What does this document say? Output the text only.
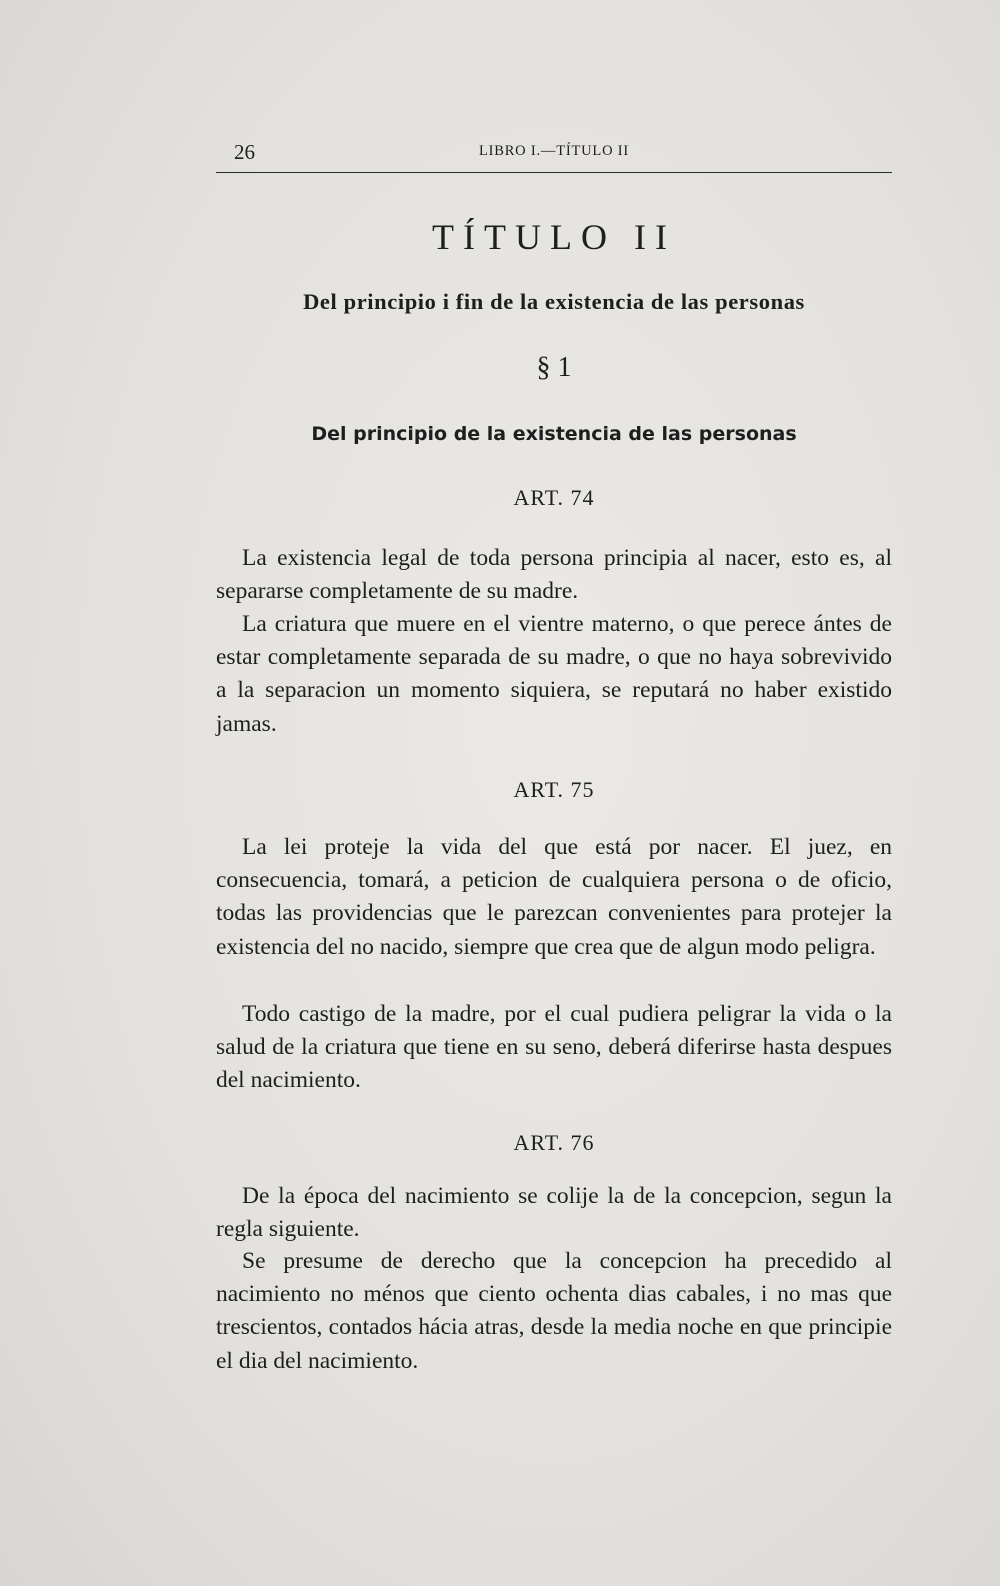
26	LIBRO I.—TÍTULO II
TÍTULO II
Del principio i fin de la existencia de las personas
§ 1
Del principio de la existencia de las personas
ART. 74

La existencia legal de toda persona principia al nacer, esto es, al separarse completamente de su madre.

La criatura que muere en el vientre materno, o que perece ántes de estar completamente separada de su madre, o que no haya sobrevivido a la separacion un momento siquiera, se reputará no haber existido jamas.

ART. 75

La lei proteje la vida del que está por nacer. El juez, en consecuencia, tomará, a peticion de cualquiera persona o de oficio, todas las providencias que le parezcan convenientes para protejer la existencia del no nacido, siempre que crea que de algun modo peligra.

Todo castigo de la madre, por el cual pudiera peligrar la vida o la salud de la criatura que tiene en su seno, deberá diferirse hasta despues del nacimiento.

ART. 76

De la época del nacimiento se colije la de la concepcion, segun la regla siguiente.

Se presume de derecho que la concepcion ha precedido al nacimiento no ménos que ciento ochenta dias cabales, i no mas que trescientos, contados hácia atras, desde la media noche en que principie el dia del nacimiento.
